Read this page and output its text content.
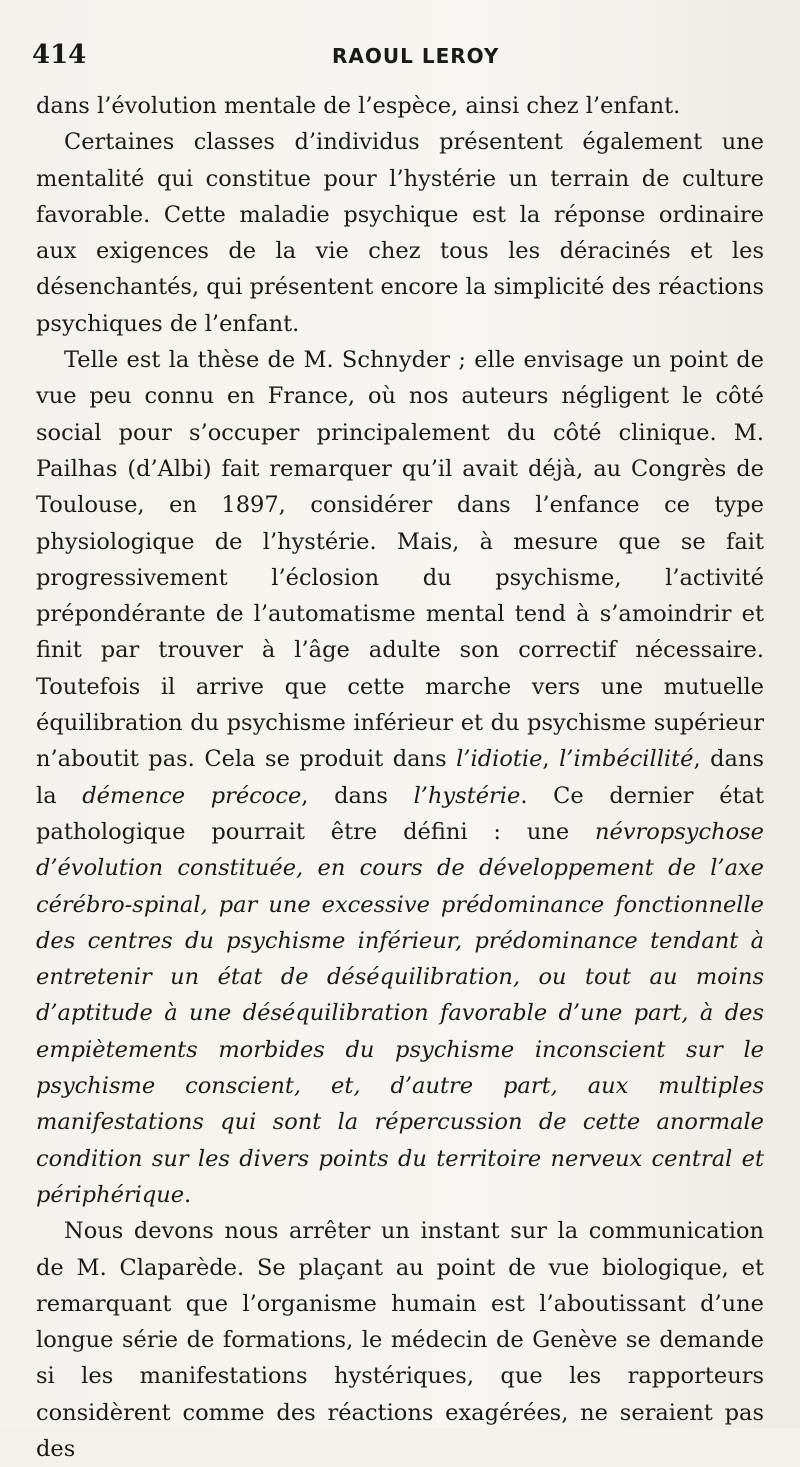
414	RAOUL LEROY

dans l’évolution mentale de l’espèce, ainsi chez l’enfant.

Certaines classes d’individus présentent également une mentalité qui constitue pour l’hystérie un terrain de culture favorable. Cette maladie psychique est la réponse ordinaire aux exigences de la vie chez tous les déracinés et les désenchantés, qui présentent encore la simplicité des réactions psychiques de l’enfant.

Telle est la thèse de M. Schnyder ; elle envisage un point de vue peu connu en France, où nos auteurs négligent le côté social pour s’occuper principalement du côté clinique. M. Pailhas (d’Albi) fait remarquer qu’il avait déjà, au Congrès de Toulouse, en 1897, considérer dans l’enfance ce type physiologique de l’hystérie. Mais, à mesure que se fait progressivement l’éclosion du psychisme, l’activité prépondérante de l’automatisme mental tend à s’amoindrir et finit par trouver à l’âge adulte son correctif nécessaire. Toutefois il arrive que cette marche vers une mutuelle équilibration du psychisme inférieur et du psychisme supérieur n’aboutit pas. Cela se produit dans l’idiotie, l’imbécillité, dans la démence précoce, dans l’hystérie. Ce dernier état pathologique pourrait être défini : une névropsychose d’évolution constituée, en cours de développement de l’axe cérébro-spinal, par une excessive prédominance fonctionnelle des centres du psychisme inférieur, prédominance tendant à entretenir un état de déséquilibration, ou tout au moins d’aptitude à une déséquilibration favorable d’une part, à des empiètements morbides du psychisme inconscient sur le psychisme conscient, et, d’autre part, aux multiples manifestations qui sont la répercussion de cette anormale condition sur les divers points du territoire nerveux central et périphérique.

Nous devons nous arrêter un instant sur la communication de M. Claparède. Se plaçant au point de vue biologique, et remarquant que l’organisme humain est l’aboutissant d’une longue série de formations, le médecin de Genève se demande si les manifestations hystériques, que les rapporteurs considèrent comme des réactions exagérées, ne seraient pas des
